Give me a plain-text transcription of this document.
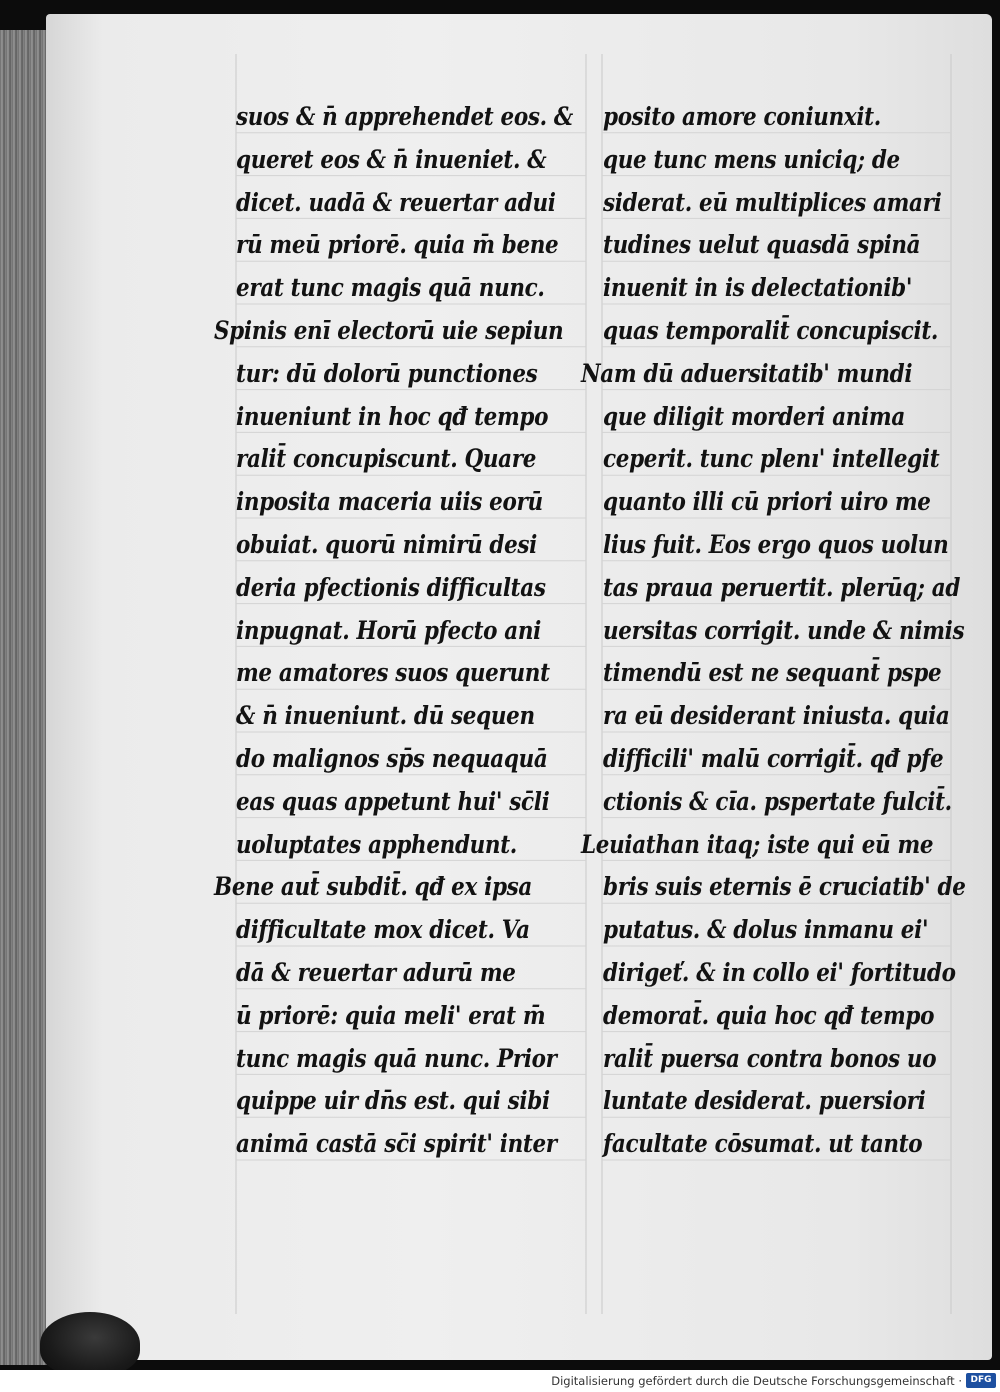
suos & n̄ apprehendet eos. &
queret eos & n̄ inueniet. &
dicet. uadā & reuertar adui
rū meū priorē. quia m̄ bene
erat tunc magis quā nunc.
Spinis enī electorū uie sepiun
tur: dū dolorū punctiones
inueniunt in hoc qđ tempo
ralit̄ concupiscunt. Quare
inposita maceria uiis eorū
obuiat. quorū nimirū desi
deria pfectionis difficultas
inpugnat. Horū pfecto ani
me amatores suos querunt
& n̄ inueniunt. dū sequen
do malignos sp̄s nequaquā
eas quas appetunt hui' sc̄li
uoluptates apphendunt.
Bene aut̄ subdit̄. qđ ex ipsa
difficultate mox dicet. Va
dā & reuertar adurū me
ū priorē: quia meli' erat m̄
tunc magis quā nunc. Prior
quippe uir dn̄s est. qui sibi
animā castā sc̄i spirit' inter
posito amore coniunxit.
que tunc mens uniciq; de
siderat. eū multiplices amari
tudines uelut quasdā spinā
inuenit in is delectationib'
quas temporalit̄ concupiscit.
Nam dū aduersitatib' mundi
que diligit morderi anima
ceperit. tunc plenı' intellegit
quanto illi cū priori uiro me
lius fuit. Eos ergo quos uolun
tas praua peruertit. plerūq; ad
uersitas corrigit. unde & nimis
timendū est ne sequant̄ pspe
ra eū desiderant iniusta. quia
difficili' malū corrigit̄. qđ pfe
ctionis & cı̄a. pspertate fulcit̄.
Leuiathan itaq; iste qui eū me
bris suis eternis ē cruciatib' de
putatus. & dolus inmanu ei'
dirigeť. & in collo ei' fortitudo
demorat̄. quia hoc qđ tempo
ralit̄ puersa contra bonos uo
luntate desiderat. puersiori
facultate cōsumat. ut tanto
Digitalisierung gefördert durch die Deutsche Forschungsgemeinschaft · DFG
